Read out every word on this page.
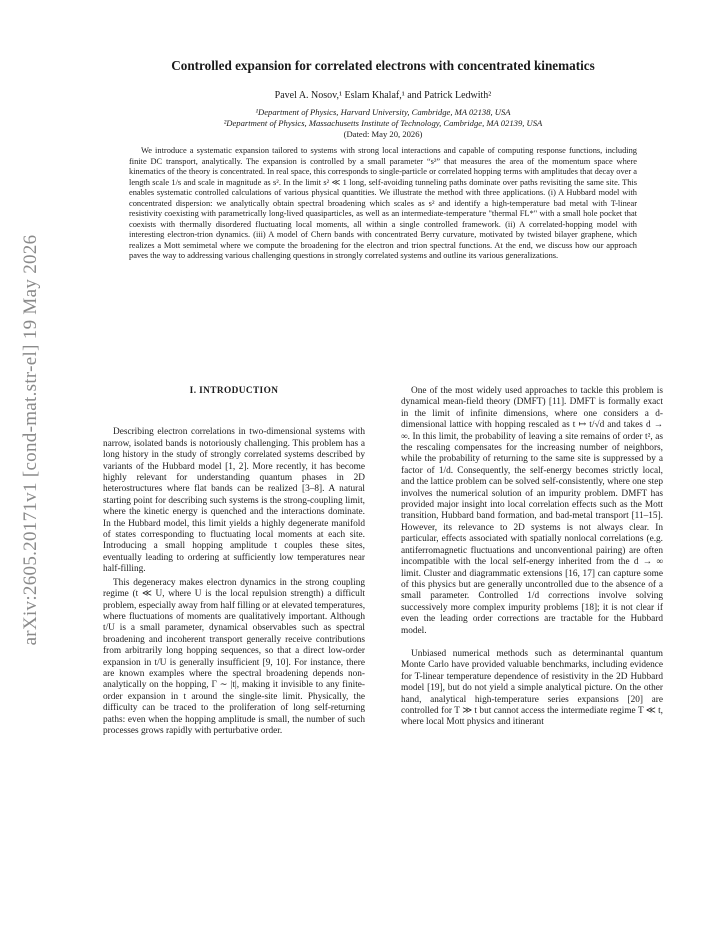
arXiv:2605.20171v1 [cond-mat.str-el] 19 May 2026
Controlled expansion for correlated electrons with concentrated kinematics
Pavel A. Nosov,¹ Eslam Khalaf,¹ and Patrick Ledwith²
¹Department of Physics, Harvard University, Cambridge, MA 02138, USA
²Department of Physics, Massachusetts Institute of Technology, Cambridge, MA 02139, USA
(Dated: May 20, 2026)

We introduce a systematic expansion tailored to systems with strong local interactions and capable of computing response functions, including finite DC transport, analytically. The expansion is controlled by a small parameter “s²” that measures the area of the momentum space where kinematics of the theory is concentrated. In real space, this corresponds to single-particle or correlated hopping terms with amplitudes that decay over a length scale 1/s and scale in magnitude as s². In the limit s² ≪ 1 long, self-avoiding tunneling paths dominate over paths revisiting the same site. This enables systematic controlled calculations of various physical quantities. We illustrate the method with three applications. (i) A Hubbard model with concentrated dispersion: we analytically obtain spectral broadening which scales as s² and identify a high-temperature bad metal with T-linear resistivity coexisting with parametrically long-lived quasiparticles, as well as an intermediate-temperature "thermal FL*" with a small hole pocket that coexists with thermally disordered fluctuating local moments, all within a single controlled framework. (ii) A correlated-hopping model with interesting electron-trion dynamics. (iii) A model of Chern bands with concentrated Berry curvature, motivated by twisted bilayer graphene, which realizes a Mott semimetal where we compute the broadening for the electron and trion spectral functions. At the end, we discuss how our approach paves the way to addressing various challenging questions in strongly correlated systems and outline its various generalizations.

I. INTRODUCTION

Describing electron correlations in two-dimensional systems with narrow, isolated bands is notoriously challenging. This problem has a long history in the study of strongly correlated systems described by variants of the Hubbard model [1, 2]. More recently, it has become highly relevant for understanding quantum phases in 2D heterostructures where flat bands can be realized [3–8]. A natural starting point for describing such systems is the strong-coupling limit, where the kinetic energy is quenched and the interactions dominate. In the Hubbard model, this limit yields a highly degenerate manifold of states corresponding to fluctuating local moments at each site. Introducing a small hopping amplitude t couples these sites, eventually leading to ordering at sufficiently low temperatures near half-filling.

This degeneracy makes electron dynamics in the strong coupling regime (t ≪ U, where U is the local repulsion strength) a difficult problem, especially away from half filling or at elevated temperatures, where fluctuations of moments are qualitatively important. Although t/U is a small parameter, dynamical observables such as spectral broadening and incoherent transport generally receive contributions from arbitrarily long hopping sequences, so that a direct low-order expansion in t/U is generally insufficient [9, 10]. For instance, there are known examples where the spectral broadening depends non-analytically on the hopping, Γ ∼ |t|, making it invisible to any finite-order expansion in t around the single-site limit. Physically, the difficulty can be traced to the proliferation of long self-returning paths: even when the hopping amplitude is small, the number of such processes grows rapidly with perturbative order.

One of the most widely used approaches to tackle this problem is dynamical mean-field theory (DMFT) [11]. DMFT is formally exact in the limit of infinite dimensions, where one considers a d-dimensional lattice with hopping rescaled as t ↦ t/√d and takes d → ∞. In this limit, the probability of leaving a site remains of order t², as the rescaling compensates for the increasing number of neighbors, while the probability of returning to the same site is suppressed by a factor of 1/d. Consequently, the self-energy becomes strictly local, and the lattice problem can be solved self-consistently, where one step involves the numerical solution of an impurity problem. DMFT has provided major insight into local correlation effects such as the Mott transition, Hubbard band formation, and bad-metal transport [11–15]. However, its relevance to 2D systems is not always clear. In particular, effects associated with spatially nonlocal correlations (e.g. antiferromagnetic fluctuations and unconventional pairing) are often incompatible with the local self-energy inherited from the d → ∞ limit. Cluster and diagrammatic extensions [16, 17] can capture some of this physics but are generally uncontrolled due to the absence of a small parameter. Controlled 1/d corrections involve solving successively more complex impurity problems [18]; it is not clear if even the leading order corrections are tractable for the Hubbard model.

Unbiased numerical methods such as determinantal quantum Monte Carlo have provided valuable benchmarks, including evidence for T-linear temperature dependence of resistivity in the 2D Hubbard model [19], but do not yield a simple analytical picture. On the other hand, analytical high-temperature series expansions [20] are controlled for T ≫ t but cannot access the intermediate regime T ≪ t, where local Mott physics and itinerant
